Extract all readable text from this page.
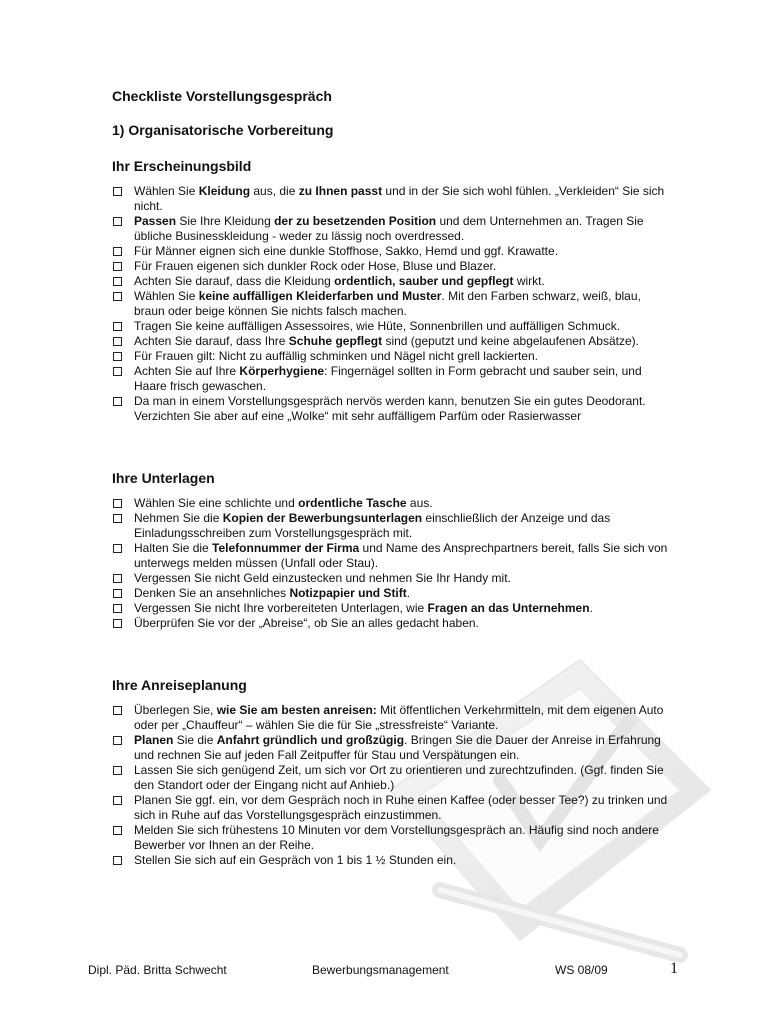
Checkliste Vorstellungsgespräch
1) Organisatorische Vorbereitung
Ihr Erscheinungsbild
Wählen Sie Kleidung aus, die zu Ihnen passt und in der Sie sich wohl fühlen. „Verkleiden“ Sie sich nicht.
Passen Sie Ihre Kleidung der zu besetzenden Position und dem Unternehmen an. Tragen Sie übliche Businesskleidung - weder zu lässig noch overdressed.
Für Männer eignen sich eine dunkle Stoffhose, Sakko, Hemd und ggf. Krawatte.
Für Frauen eigenen sich dunkler Rock oder Hose, Bluse und Blazer.
Achten Sie darauf, dass die Kleidung ordentlich, sauber und gepflegt wirkt.
Wählen Sie keine auffälligen Kleiderfarben und Muster. Mit den Farben schwarz, weiß, blau, braun oder beige können Sie nichts falsch machen.
Tragen Sie keine auffälligen Assessoires, wie Hüte, Sonnenbrillen und auffälligen Schmuck.
Achten Sie darauf, dass Ihre Schuhe gepflegt sind (geputzt und keine abgelaufenen Absätze).
Für Frauen gilt: Nicht zu auffällig schminken und Nägel nicht grell lackierten.
Achten Sie auf Ihre Körperhygiene: Fingernägel sollten in Form gebracht und sauber sein, und Haare frisch gewaschen.
Da man in einem Vorstellungsgespräch nervös werden kann, benutzen Sie ein gutes Deodorant. Verzichten Sie aber auf eine „Wolke“ mit sehr auffälligem Parfüm oder Rasierwasser
Ihre Unterlagen
Wählen Sie eine schlichte und ordentliche Tasche aus.
Nehmen Sie die Kopien der Bewerbungsunterlagen einschließlich der Anzeige und das Einladungsschreiben zum Vorstellungsgespräch mit.
Halten Sie die Telefonnummer der Firma und Name des Ansprechpartners bereit, falls Sie sich von unterwegs melden müssen (Unfall oder Stau).
Vergessen Sie nicht Geld einzustecken und nehmen Sie Ihr Handy mit.
Denken Sie an ansehnliches Notizpapier und Stift.
Vergessen Sie nicht Ihre vorbereiteten Unterlagen, wie Fragen an das Unternehmen.
Überprüfen Sie vor der „Abreise“, ob Sie an alles gedacht haben.
Ihre Anreiseplanung
Überlegen Sie, wie Sie am besten anreisen: Mit öffentlichen Verkehrmitteln, mit dem eigenen Auto oder per „Chauffeur“ – wählen Sie die für Sie „stressfreiste“ Variante.
Planen Sie die Anfahrt gründlich und großzügig. Bringen Sie die Dauer der Anreise in Erfahrung und rechnen Sie auf jeden Fall Zeitpuffer für Stau und Verspätungen ein.
Lassen Sie sich genügend Zeit, um sich vor Ort zu orientieren und zurechtzufinden. (Ggf. finden Sie den Standort oder der Eingang nicht auf Anhieb.)
Planen Sie ggf. ein, vor dem Gespräch noch in Ruhe einen Kaffee (oder besser Tee?) zu trinken und sich in Ruhe auf das Vorstellungsgespräch einzustimmen.
Melden Sie sich frühestens 10 Minuten vor dem Vorstellungsgespräch an. Häufig sind noch andere Bewerber vor Ihnen an der Reihe.
Stellen Sie sich auf ein Gespräch von 1 bis 1 ½ Stunden ein.
Dipl. Päd. Britta Schwecht	Bewerbungsmanagement	WS 08/09	1
